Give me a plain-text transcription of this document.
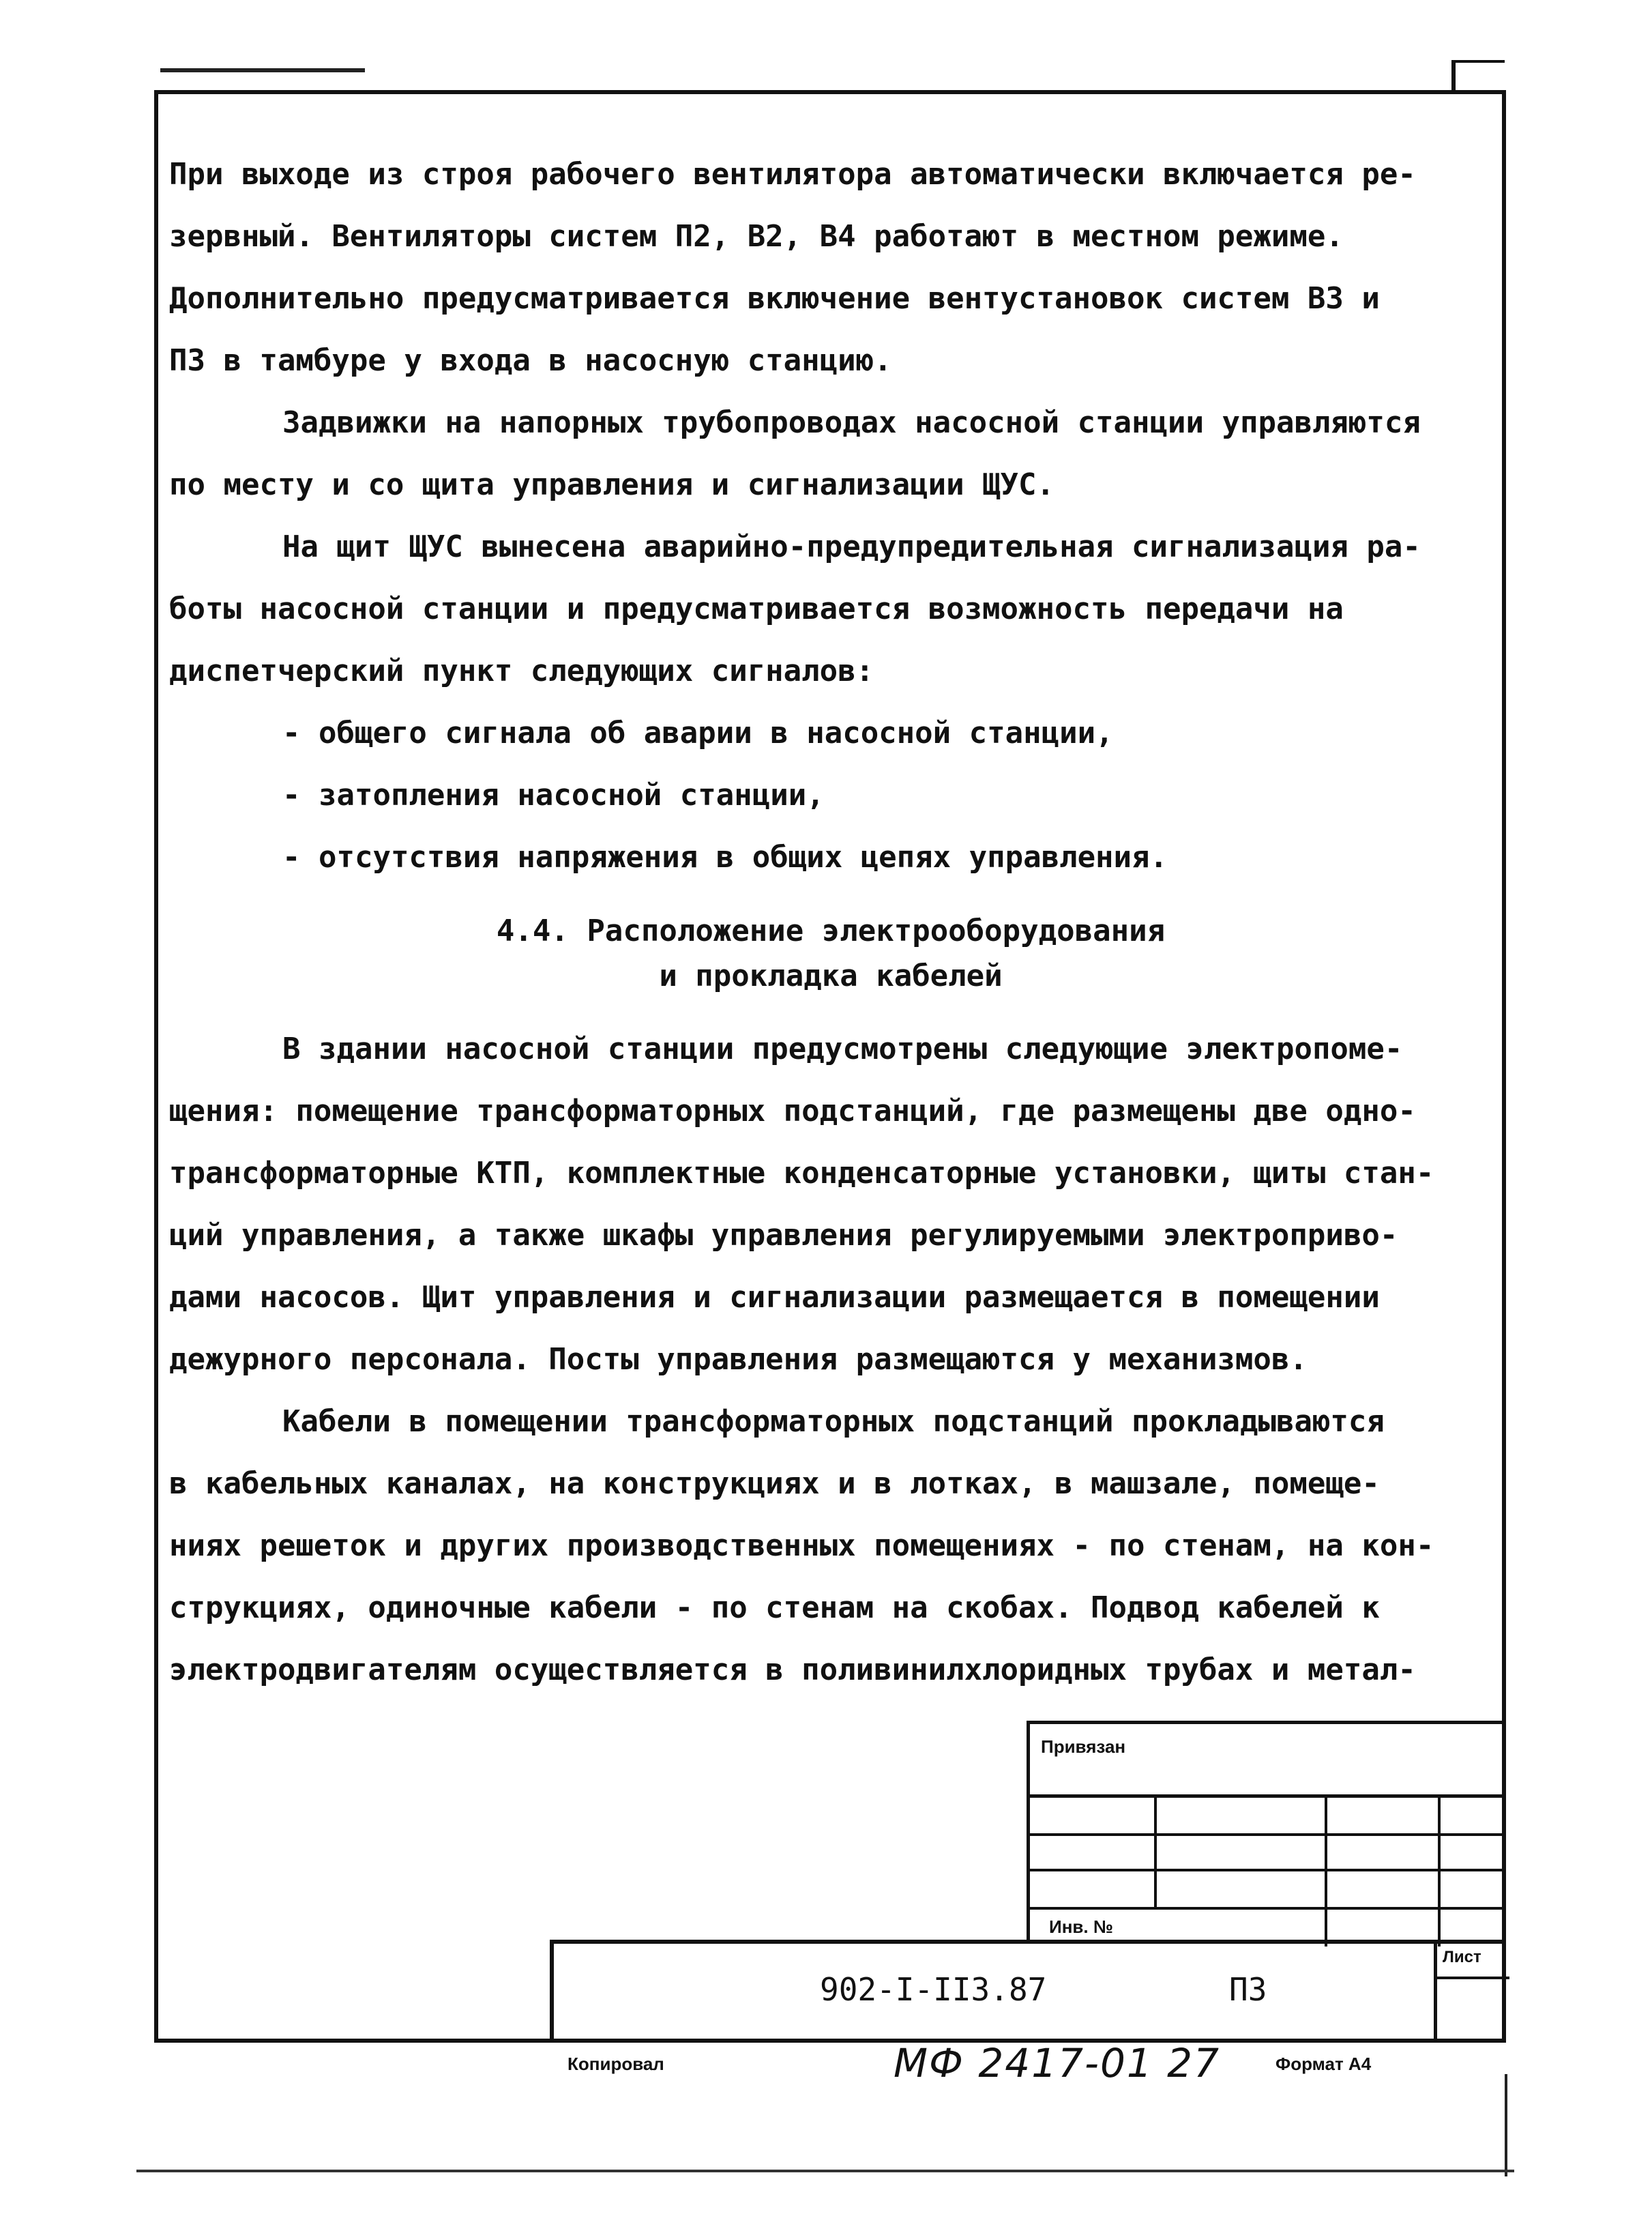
При выходе из строя рабочего вентилятора автоматически включается ре-
зервный. Вентиляторы систем П2, В2, В4 работают в местном режиме.
Дополнительно предусматривается включение вентустановок систем В3 и
П3 в тамбуре у входа в насосную станцию.
Задвижки на напорных трубопроводах насосной станции управляются
по месту и со щита управления и сигнализации ЩУС.
На щит ЩУС вынесена аварийно-предупредительная сигнализация ра-
боты насосной станции и предусматривается возможность передачи на
диспетчерский пункт следующих сигналов:
- общего сигнала об аварии в насосной станции,
- затопления насосной станции,
- отсутствия напряжения в общих цепях управления.
4.4. Расположение электрооборудования
и прокладка кабелей
В здании насосной станции предусмотрены следующие электропоме-
щения: помещение трансформаторных подстанций, где размещены две одно-
трансформаторные КТП, комплектные конденсаторные установки, щиты стан-
ций управления, а также шкафы управления регулируемыми электроприво-
дами насосов. Щит управления и сигнализации размещается в помещении
дежурного персонала. Посты управления размещаются у механизмов.
Кабели в помещении трансформаторных подстанций прокладываются
в кабельных каналах, на конструкциях и в лотках, в машзале, помеще-
ниях решеток и других производственных помещениях - по стенам, на кон-
струкциях, одиночные кабели - по стенам на скобах. Подвод кабелей к
электродвигателям осуществляется в поливинилхлоридных трубах и метал-
Привязан
Инв. №
902-I-II3.87	ПЗ
Лист
Копировал	МФ 2417-01 27	Формат А4
